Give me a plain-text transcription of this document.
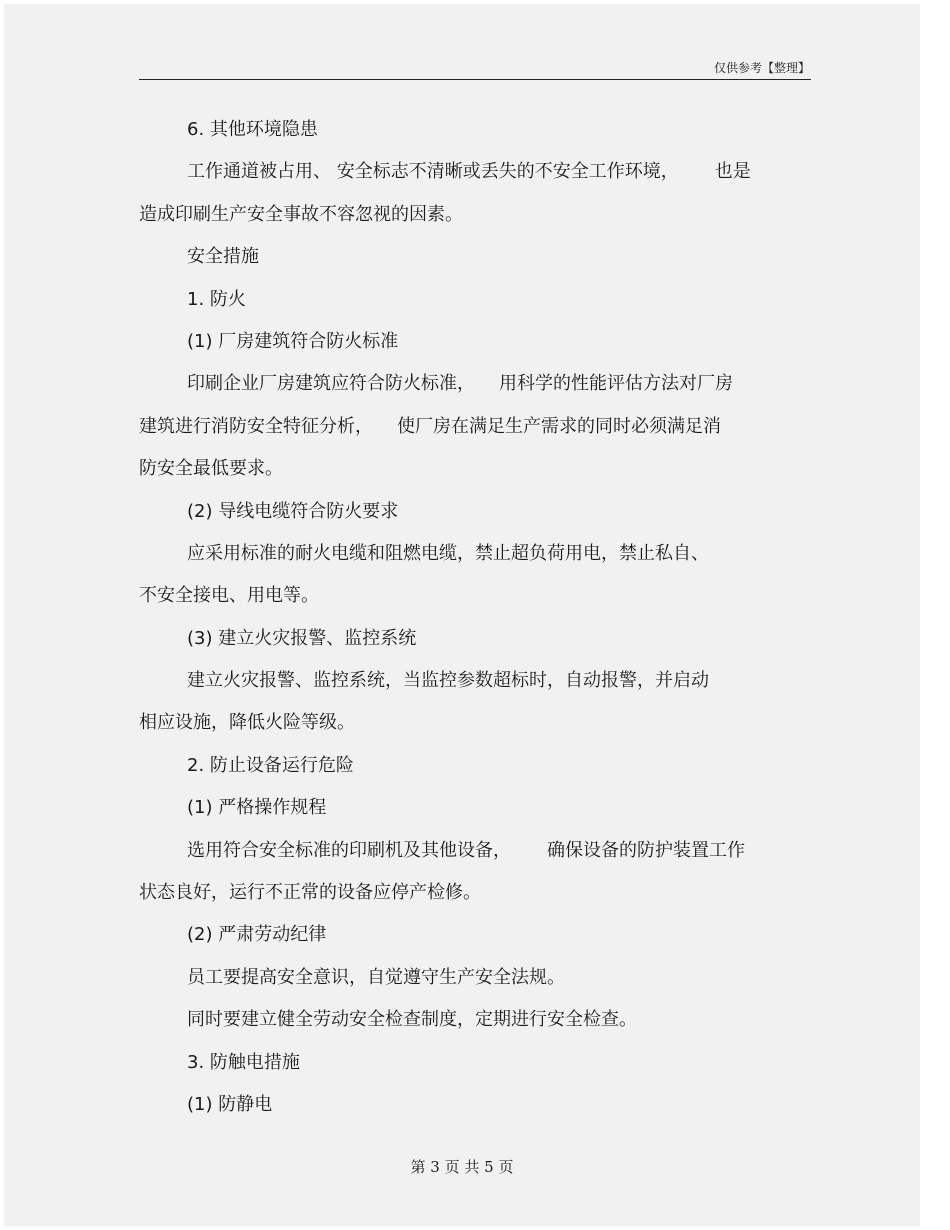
仅供参考【整理】

6. 其他环境隐患

工作通道被占用、 安全标志不清晰或丢失的不安全工作环境， 也是

造成印刷生产安全事故不容忽视的因素。

安全措施

1. 防火

(1) 厂房建筑符合防火标准

印刷企业厂房建筑应符合防火标准， 用科学的性能评估方法对厂房

建筑进行消防安全特征分析， 使厂房在满足生产需求的同时必须满足消

防安全最低要求。

(2) 导线电缆符合防火要求

应采用标准的耐火电缆和阻燃电缆，禁止超负荷用电，禁止私自、

不安全接电、用电等。

(3) 建立火灾报警、监控系统

建立火灾报警、监控系统，当监控参数超标时，自动报警，并启动

相应设施，降低火险等级。

2. 防止设备运行危险

(1) 严格操作规程

选用符合安全标准的印刷机及其他设备， 确保设备的防护装置工作

状态良好，运行不正常的设备应停产检修。

(2) 严肃劳动纪律

员工要提高安全意识，自觉遵守生产安全法规。

同时要建立健全劳动安全检查制度，定期进行安全检查。

3. 防触电措施

(1) 防静电

第 3 页 共 5 页
